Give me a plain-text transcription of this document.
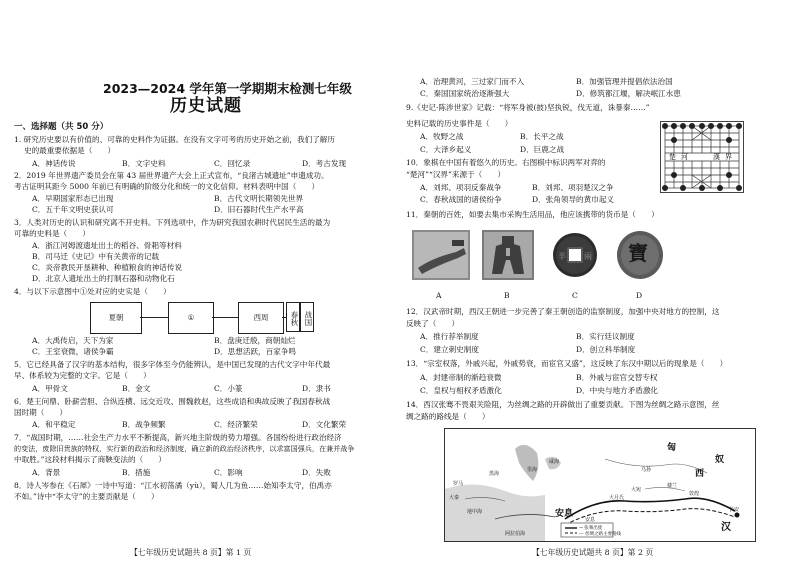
2023—2024 学年第一学期期末检测七年级
历史试题
一、选择题（共 50 分）
1. 研究历史要以有价值的、可靠的史料作为证据。在没有文字可考的历史开始之前，我们了解历
史的最重要依据是（　　）
A．神话传说	B．文字史料	C．回忆录	D．考古发现
2．2019 年世界遗产委员会在第 43 届世界遗产大会上正式宣布，“良渚古城遗址”申遗成功。
考古证明其距今 5000 年前已有明确的阶级分化和统一的文化信仰。材料表明中国（　　）
A．早期国家形态已出现	B．古代文明长期领先世界
C．五千年文明史获认可	D．旧石器时代生产水平高
3．人类对历史的认识和研究离不开史料。下列选项中，作为研究我国农耕时代居民生活的最为
可靠的史料是（　　）
A．浙江河姆渡遗址出土的稻谷、骨耜等材料
B．司马迁《史记》中有关黄帝的记载
C．炎帝教民开垦耕种、种植粮食的神话传说
D．北京人遗址出土的打制石器和动物化石
4．与以下示意图中①处对应的史实是（　　）
夏朝	①	西周	春秋 战国
A．大禹传启，天下为家	B．盘庚迁殷，商朝灿烂
C．王室衰微，诸侯争霸	D．思想活跃，百家争鸣
5．它已经具备了汉字的基本结构，很多字体至今仍能辨认，是中国已发现的古代文字中年代最
早、体系较为完整的文字。它是（　　）
A．甲骨文	B．金文	C．小篆	D．隶书
6．楚王问鼎、卧薪尝胆、合纵连横、远交近攻、围魏救赵，这些成语和典故反映了我国春秋战
国时期（　　）
A．和平稳定	B．战争频繁	C．经济繁荣	D．文化繁荣
7．“战国时期，……社会生产力水平不断提高，新兴地主阶级的势力增强。各国纷纷进行政治经济
的变法，废除旧贵族的特权，实行新的政治和经济制度，确立新的政治经济秩序，以求富国强兵，在兼并战争
中取胜。”这段材料揭示了商鞅变法的（　　）
A．背景	B．措施	C．影响	D．失败
8．诗人岑参在《石犀》一诗中写道：“江水初荡潏（yù），蜀人几为鱼……始知李太守，伯禹亦
不如。”诗中“李太守”的主要贡献是（　　）
【七年级历史试题共 8 页】第 1 页
A．治理黄河，三过家门而不入	B．加强管理并提倡依法治国
C．秦国国家统治逐渐强大	D．修筑都江堰，解决岷江水患
9.《史记·陈涉世家》记载：“将军身被(披)坚执锐，伐无道，诛暴秦……”
史料记载的历史事件是（　　）
A．牧野之战	B．长平之战
C．大泽乡起义	D．巨鹿之战
楚 河	漢 界
10．象棋在中国有着悠久的历史。右图棋中标识两军对弈的
“楚河”“汉界”来源于（　　）
A．刘邦、项羽反秦战争	B．刘邦、项羽楚汉之争
C．春秋战国的诸侯纷争	D．张角领导的黄巾起义
11．秦朝的百姓，如要去集市采购生活用品，他应该携带的货币是（　　）
半 兩 寶
A	B	C	D
12．汉武帝时期，西汉王朝进一步完善了秦王朝创造的监察制度，加强中央对地方的控制，这
反映了（　　）
A．推行荐举制度	B．实行廷议制度
C．建立刺史制度	D．创立科举制度
13．“宗室权落，外戚兴起，外戚势衰，而宦官又盛”，这反映了东汉中期以后的现象是（　　）
A．封建帝制的渐趋衰微	B．外戚与宦官交替专权
C．皇权与相权矛盾激化	D．中央与地方矛盾激化
14．西汉张骞不畏艰关险阻，为丝绸之路的开辟做出了重要贡献。下图为丝绸之路示意图，丝
绸之路的路线是（　　）
匈
奴
西
汉
安息	长安
敦煌
大月氏
乌孙
楼兰
大宛
罗马
地中海
黑海
里海
咸海
阿拉伯海
安息
大秦
→ 张骞出使
--- 丝绸之路主要路线
【七年级历史试题共 8 页】第 2 页
